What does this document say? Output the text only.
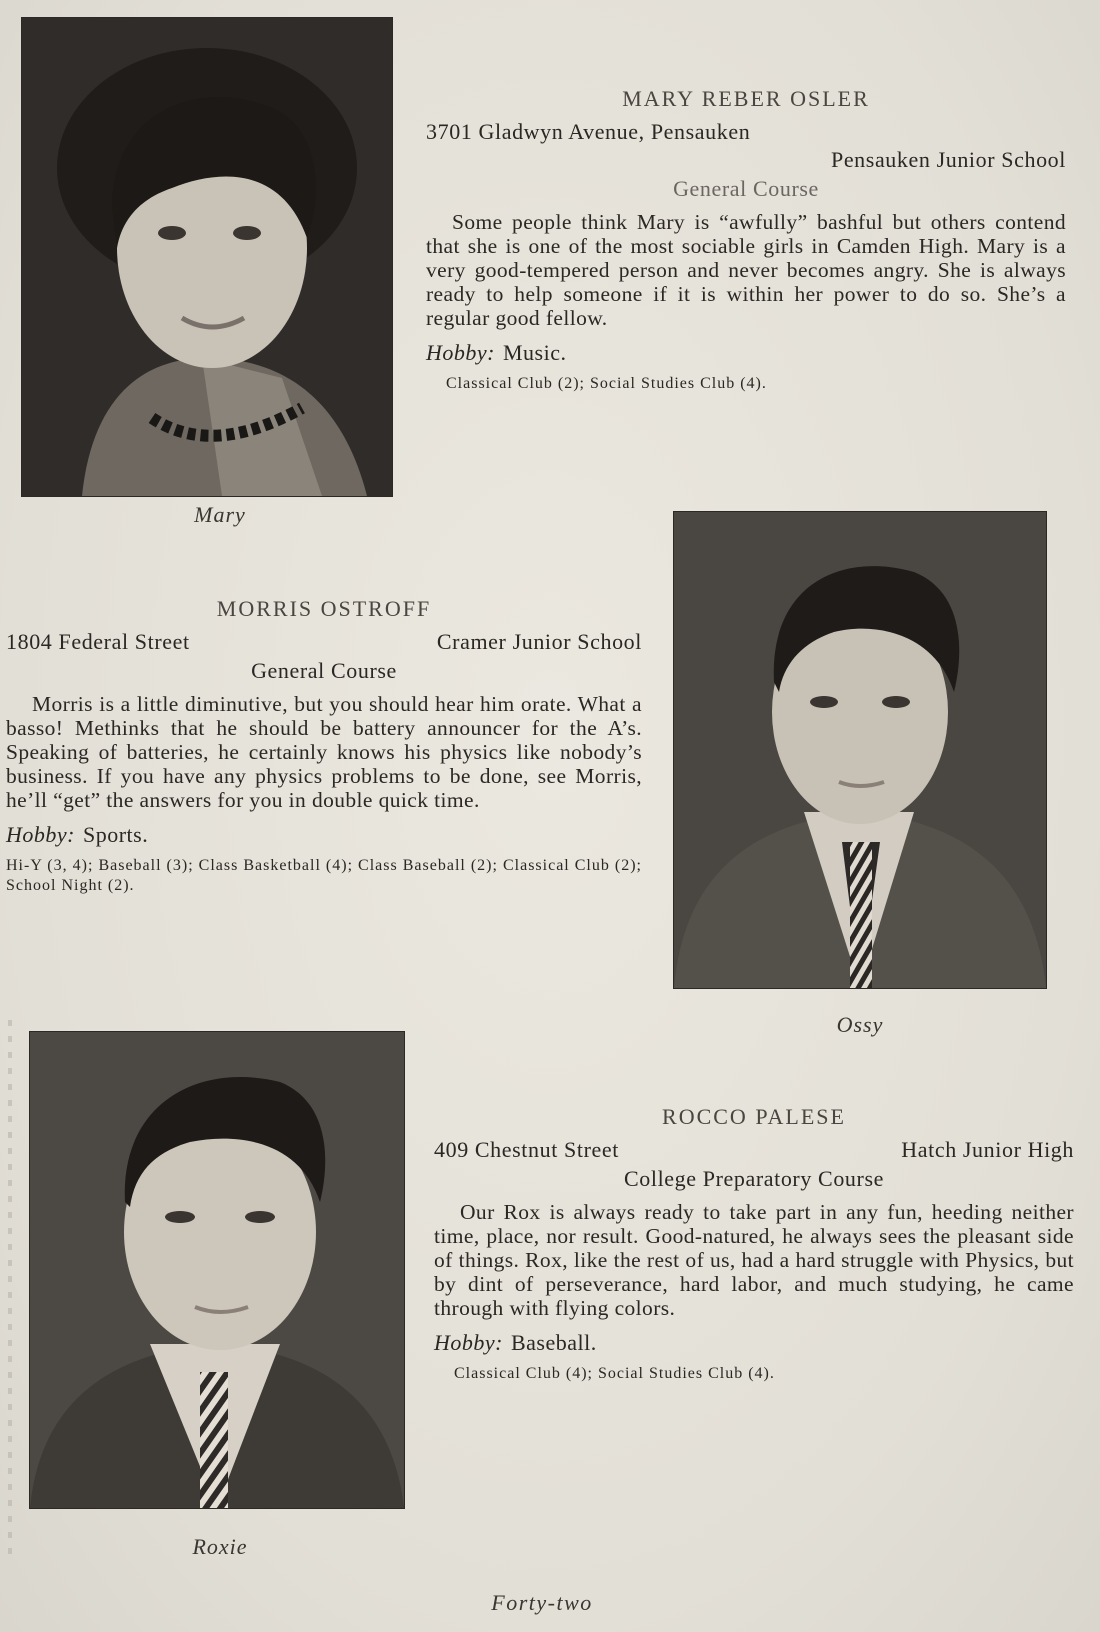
Mary
MARY REBER OSLER
3701 Gladwyn Avenue, Pensauken
Pensauken Junior School
General Course
Some people think Mary is “awfully” bashful but others contend that she is one of the most sociable girls in Camden High. Mary is a very good-tempered person and never becomes angry. She is always ready to help someone if it is within her power to do so. She’s a regular good fellow.
Hobby: Music.
Classical Club (2); Social Studies Club (4).
MORRIS OSTROFF
1804 Federal Street	Cramer Junior School
General Course
Morris is a little diminutive, but you should hear him orate. What a basso! Methinks that he should be battery announcer for the A’s. Speaking of batteries, he certainly knows his physics like nobody’s business. If you have any physics problems to be done, see Morris, he’ll “get” the answers for you in double quick time.
Hobby: Sports.
Hi-Y (3, 4); Baseball (3); Class Basketball (4); Class Baseball (2); Classical Club (2); School Night (2).
Ossy
Roxie
ROCCO PALESE
409 Chestnut Street	Hatch Junior High
College Preparatory Course
Our Rox is always ready to take part in any fun, heeding neither time, place, nor result. Good-natured, he always sees the pleasant side of things. Rox, like the rest of us, had a hard struggle with Physics, but by dint of perseverance, hard labor, and much studying, he came through with flying colors.
Hobby: Baseball.
Classical Club (4); Social Studies Club (4).
Forty-two
